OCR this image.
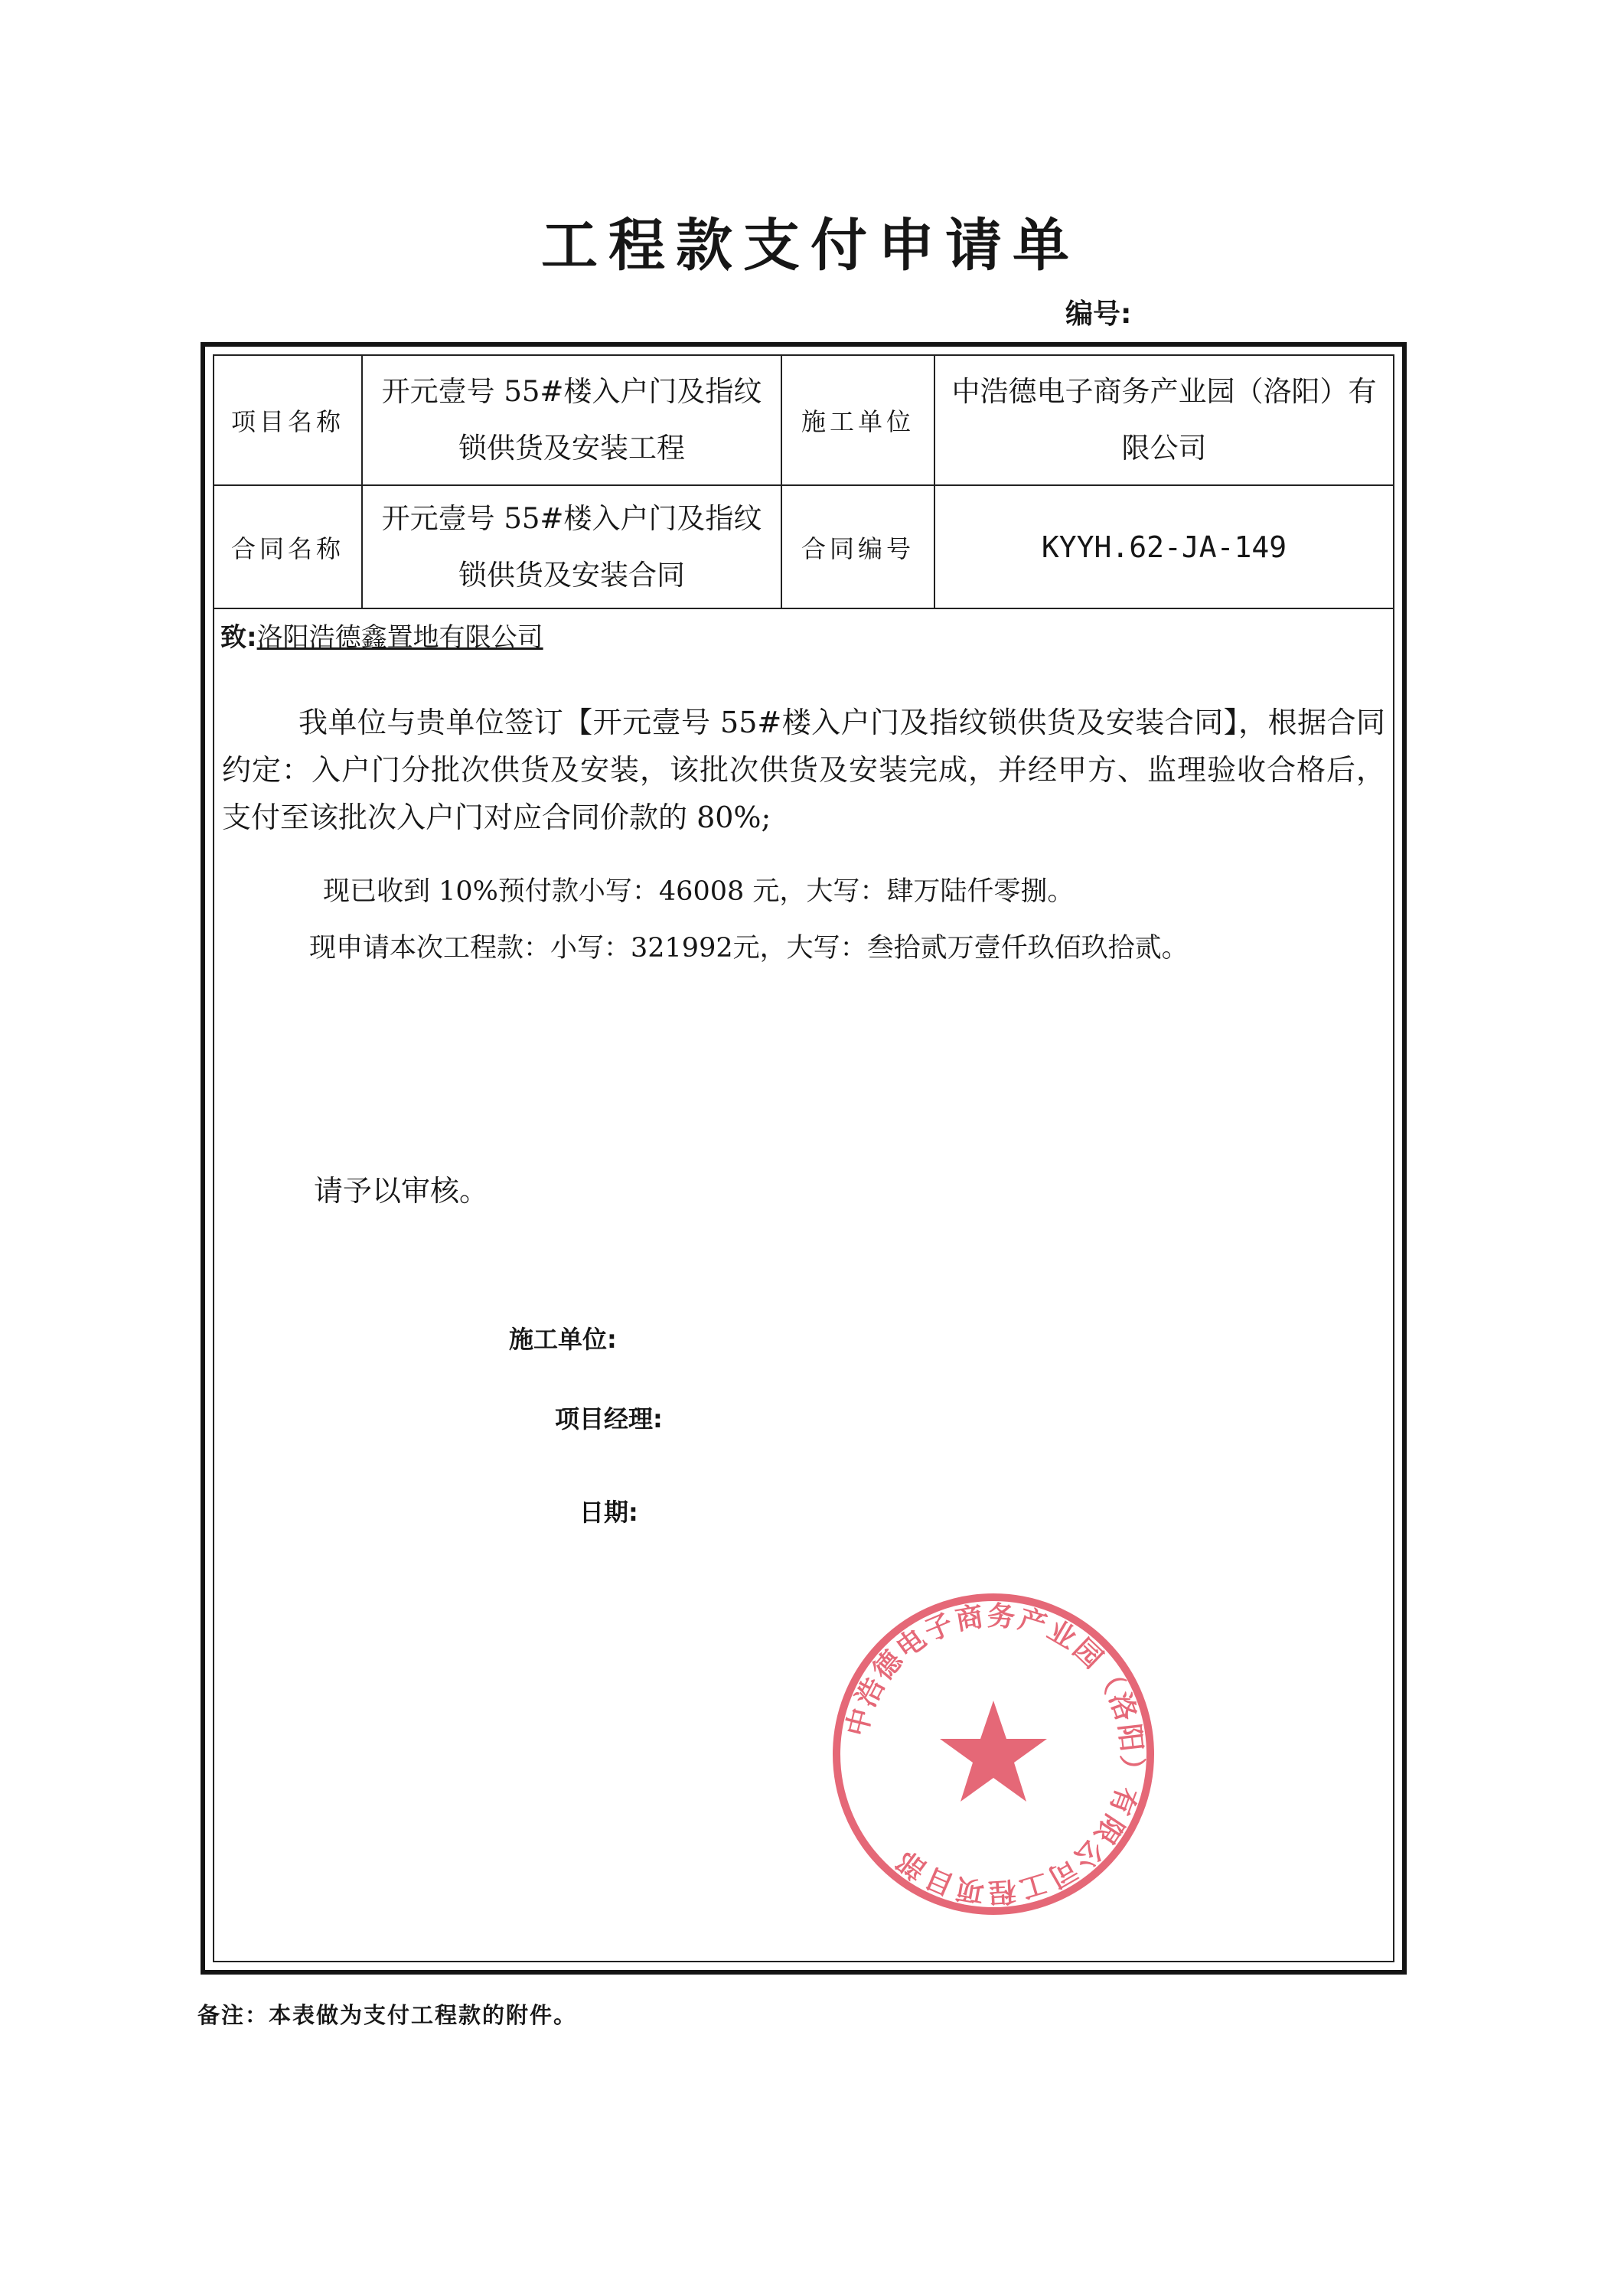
工程款支付申请单
编号:
项目名称
开元壹号 55#楼入户门及指纹锁供货及安装工程
施工单位
中浩德电子商务产业园（洛阳）有限公司
合同名称
开元壹号 55#楼入户门及指纹锁供货及安装合同
合同编号	KYYH.62-JA-149
致:洛阳浩德鑫置地有限公司

我单位与贵单位签订【开元壹号 55#楼入户门及指纹锁供货及安装合同】，根据合同约定：入户门分批次供货及安装，该批次供货及安装完成，并经甲方、监理验收合格后， 支付至该批次入户门对应合同价款的 80%;

现已收到 10%预付款小写：46008 元，大写：肆万陆仟零捌。
现申请本次工程款：小写：321992元，大写：叁拾贰万壹仟玖佰玖拾贰。
请予以审核。
施工单位:
项目经理:
日期:
中浩德电子商务产业园（洛阳）有限公司工程项目部
备注：本表做为支付工程款的附件。
